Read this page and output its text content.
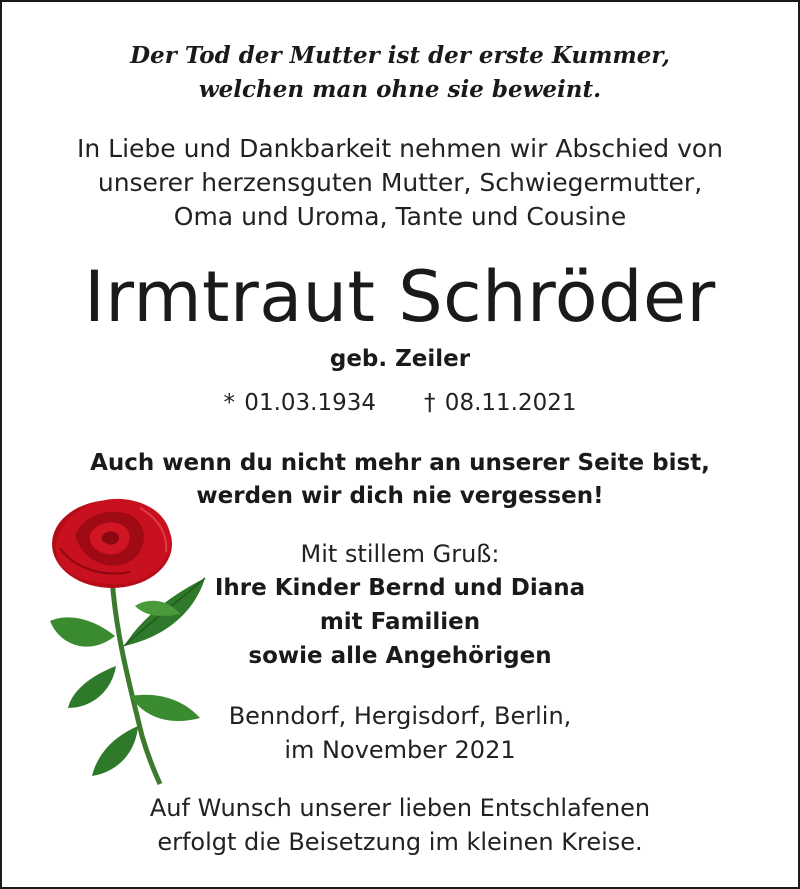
Der Tod der Mutter ist der erste Kummer,
welchen man ohne sie beweint.
In Liebe und Dankbarkeit nehmen wir Abschied von
unserer herzensguten Mutter, Schwiegermutter,
Oma und Uroma, Tante und Cousine
Irmtraut Schröder
geb. Zeiler
* 01.03.1934 † 08.11.2021
Auch wenn du nicht mehr an unserer Seite bist,
werden wir dich nie vergessen!
Mit stillem Gruß:
Ihre Kinder Bernd und Diana
mit Familien
sowie alle Angehörigen
Benndorf, Hergisdorf, Berlin,
im November 2021
Auf Wunsch unserer lieben Entschlafenen
erfolgt die Beisetzung im kleinen Kreise.
